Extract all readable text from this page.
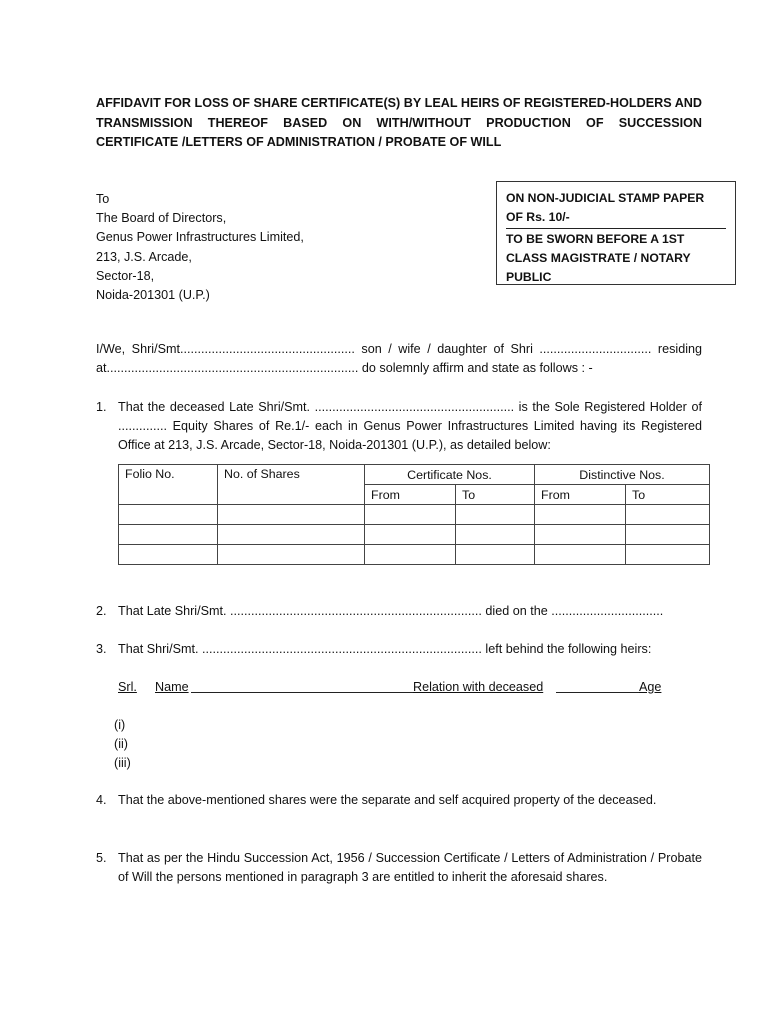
AFFIDAVIT FOR LOSS OF SHARE CERTIFICATE(S) BY LEAL HEIRS OF REGISTERED-HOLDERS AND TRANSMISSION THEREOF BASED ON WITH/WITHOUT PRODUCTION OF SUCCESSION CERTIFICATE /LETTERS OF ADMINISTRATION / PROBATE OF WILL
To
The Board of Directors,
Genus Power Infrastructures Limited,
213, J.S. Arcade,
Sector-18,
Noida-201301 (U.P.)
ON NON-JUDICIAL STAMP PAPER
OF Rs. 10/-
TO BE SWORN BEFORE A 1ST
CLASS MAGISTRATE / NOTARY
PUBLIC
I/We, Shri/Smt.................................................. son / wife / daughter of Shri ................................ residing at........................................................................ do solemnly affirm and state as follows : -
1. That the deceased Late Shri/Smt. ......................................................... is the Sole Registered Holder of .............. Equity Shares of Re.1/- each in Genus Power Infrastructures Limited having its Registered Office at 213, J.S. Arcade, Sector-18, Noida-201301 (U.P.), as detailed below:
Folio No.	No. of Shares	Certificate Nos.		Distinctive Nos.	
		From	To	From	To

2. That Late Shri/Smt. ........................................................................ died on the ................................
3. That Shri/Smt. ................................................................................ left behind the following heirs:
Srl. Name	Relation with deceased	Age
(i)
(ii)
(iii)
4. That the above-mentioned shares were the separate and self acquired property of the deceased.
5. That as per the Hindu Succession Act, 1956 / Succession Certificate / Letters of Administration / Probate of Will the persons mentioned in paragraph 3 are entitled to inherit the aforesaid shares.
